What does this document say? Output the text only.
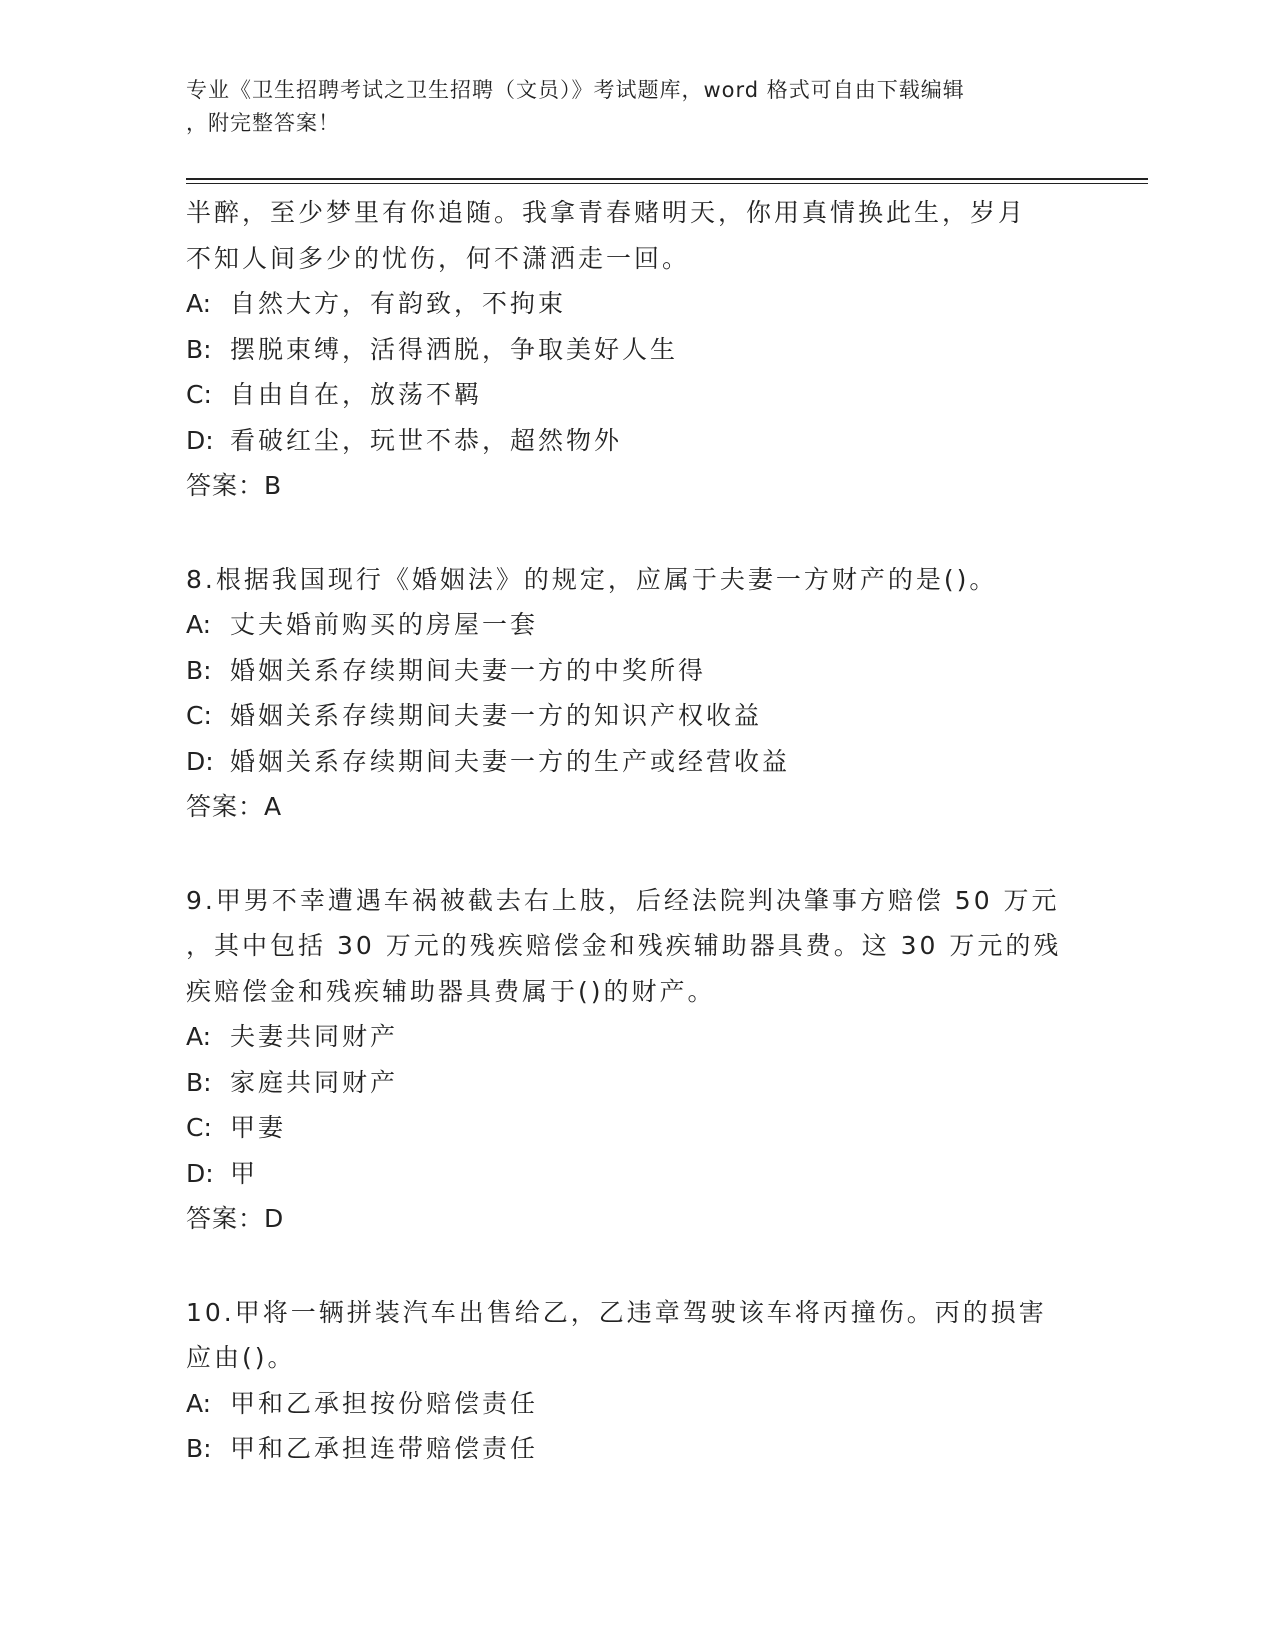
专业《卫生招聘考试之卫生招聘（文员）》考试题库，word 格式可自由下载编辑
，附完整答案！
半醉，至少梦里有你追随。我拿青春赌明天，你用真情换此生，岁月
不知人间多少的忧伤，何不潇洒走一回。
A: 自然大方，有韵致，不拘束
B: 摆脱束缚，活得洒脱，争取美好人生
C: 自由自在，放荡不羁
D: 看破红尘，玩世不恭，超然物外
答案：B
8.根据我国现行《婚姻法》的规定，应属于夫妻一方财产的是()。
A: 丈夫婚前购买的房屋一套
B: 婚姻关系存续期间夫妻一方的中奖所得
C: 婚姻关系存续期间夫妻一方的知识产权收益
D: 婚姻关系存续期间夫妻一方的生产或经营收益
答案：A
9.甲男不幸遭遇车祸被截去右上肢，后经法院判决肇事方赔偿 50 万元
，其中包括 30 万元的残疾赔偿金和残疾辅助器具费。这 30 万元的残
疾赔偿金和残疾辅助器具费属于()的财产。
A: 夫妻共同财产
B: 家庭共同财产
C: 甲妻
D: 甲
答案：D
10.甲将一辆拼装汽车出售给乙，乙违章驾驶该车将丙撞伤。丙的损害
应由()。
A: 甲和乙承担按份赔偿责任
B: 甲和乙承担连带赔偿责任
